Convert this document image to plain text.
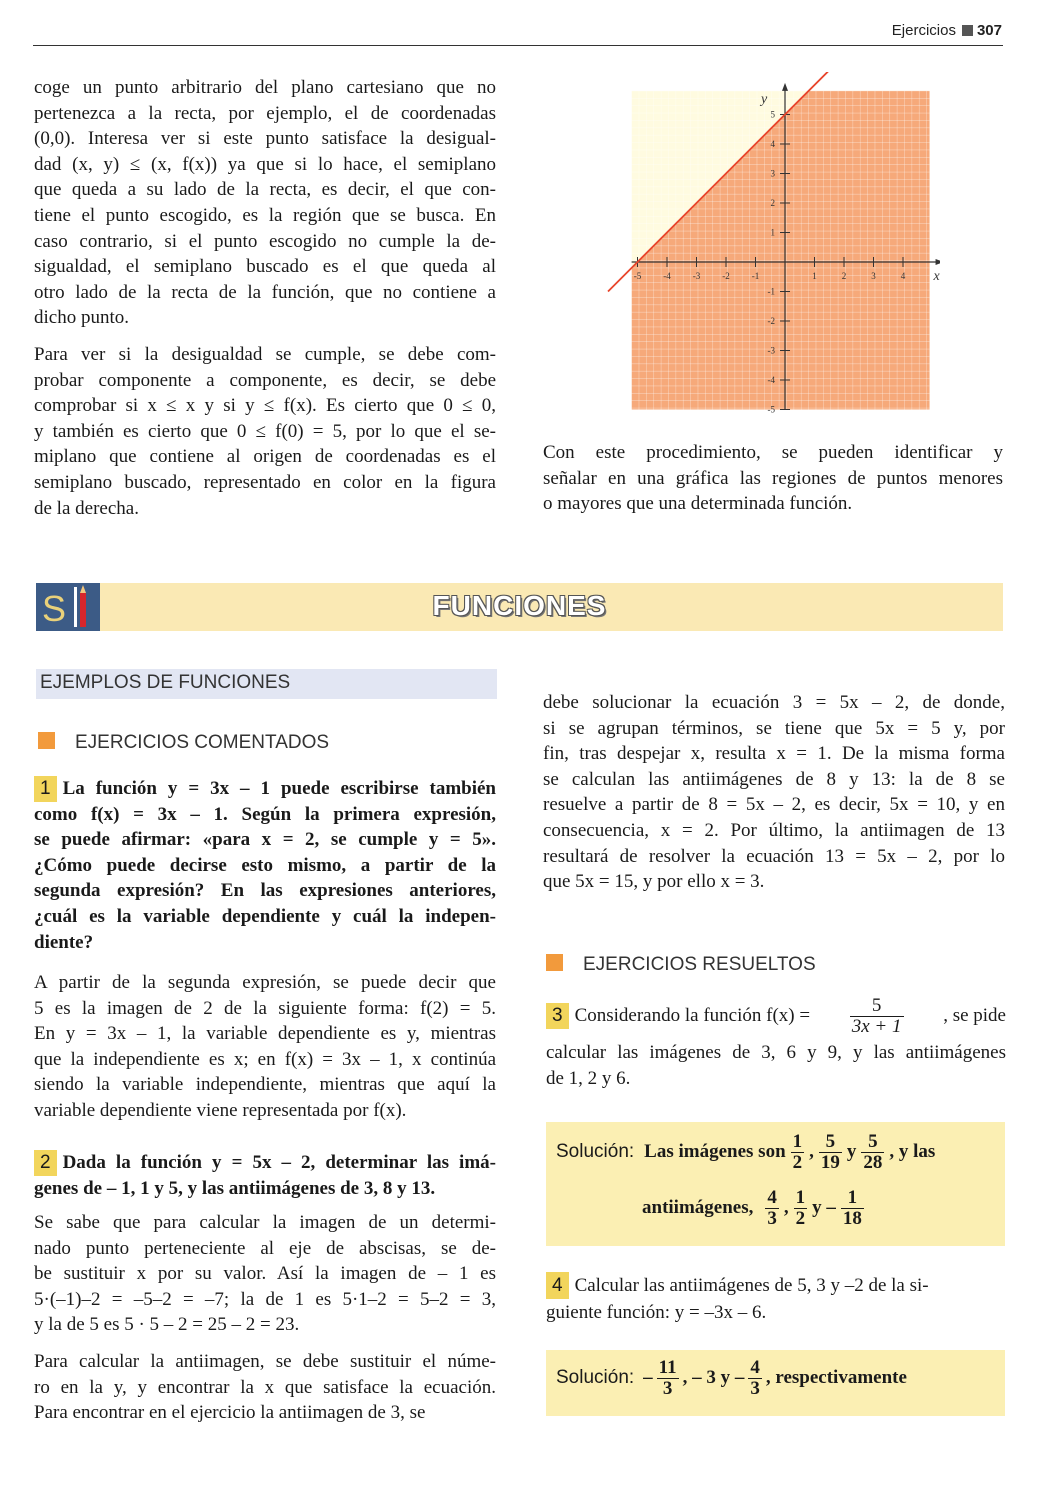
Ejercicios 307
coge un punto arbitrario del plano cartesiano que no
pertenezca a la recta, por ejemplo, el de coordenadas
(0,0). Interesa ver si este punto satisface la desigual-
dad (x, y) ≤ (x, f(x)) ya que si lo hace, el semiplano
que queda a su lado de la recta, es decir, el que con-
tiene el punto escogido, es la región que se busca. En
caso contrario, si el punto escogido no cumple la de-
sigualdad, el semiplano buscado es el que queda al
otro lado de la recta de la función, que no contiene a
dicho punto.
Para ver si la desigualdad se cumple, se debe com-
probar componente a componente, es decir, se debe
comprobar si x ≤ x y si y ≤ f(x). Es cierto que 0 ≤ 0,
y también es cierto que 0 ≤ f(0) = 5, por lo que el se-
miplano que contiene al origen de coordenadas es el
semiplano buscado, representado en color en la figura
de la derecha.
-5 -4 -3 -2 -1	1	2	3	4
5
4
3
2
1
-1
-2
-3
-4
-5
x
y
Con este procedimiento, se pueden identificar y
señalar en una gráfica las regiones de puntos menores
o mayores que una determinada función.
S	FUNCIONES
EJEMPLOS DE FUNCIONES
EJERCICIOS COMENTADOS
1 La función y = 3x – 1 puede escribirse también
como f(x) = 3x – 1. Según la primera expresión,
se puede afirmar: «para x = 2, se cumple y = 5».
¿Cómo puede decirse esto mismo, a partir de la
segunda expresión? En las expresiones anteriores,
¿cuál es la variable dependiente y cuál la indepen-
diente?
A partir de la segunda expresión, se puede decir que
5 es la imagen de 2 de la siguiente forma: f(2) = 5.
En y = 3x – 1, la variable dependiente es y, mientras
que la independiente es x; en f(x) = 3x – 1, x continúa
siendo la variable independiente, mientras que aquí la
variable dependiente viene representada por f(x).
2 Dada la función y = 5x – 2, determinar las imá-
genes de – 1, 1 y 5, y las antiimágenes de 3, 8 y 13.
Se sabe que para calcular la imagen de un determi-
nado punto perteneciente al eje de abscisas, se de-
be sustituir x por su valor. Así la imagen de – 1 es
5·(–1)–2 = –5–2 = –7; la de 1 es 5·1–2 = 5–2 = 3,
y la de 5 es 5 · 5 – 2 = 25 – 2 = 23.
Para calcular la antiimagen, se debe sustituir el núme-
ro en la y, y encontrar la x que satisface la ecuación.
Para encontrar en el ejercicio la antiimagen de 3, se
debe solucionar la ecuación 3 = 5x – 2, de donde,
si se agrupan términos, se tiene que 5x = 5 y, por
fin, tras despejar x, resulta x = 1. De la misma forma
se calculan las antiimágenes de 8 y 13: la de 8 se
resuelve a partir de 8 = 5x – 2, es decir, 5x = 10, y en
consecuencia, x = 2. Por último, la antiimagen de 13
resultará de resolver la ecuación 13 = 5x – 2, por lo
que 5x = 15, y por ello x = 3.
EJERCICIOS RESUELTOS
3 Considerando la función $f(x) = \frac{5}{3x + 1}$ , se pide
calcular las imágenes de 3, 6 y 9, y las antiimágenes
de 1, 2 y 6.
Solución: Las imágenes son $\frac{1}{2}$ , $\frac{5}{19}$ y $\frac{5}{28}$ , y las
antiimágenes, $\frac{4}{3}$ , $\frac{1}{2}$ y – $\frac{1}{18}$
4 Calcular las antiimágenes de 5, 3 y –2 de la si-
guiente función: y = –3x – 6.
Solución: – $\frac{11}{3}$ , – 3 y – $\frac{4}{3}$ , respectivamente
